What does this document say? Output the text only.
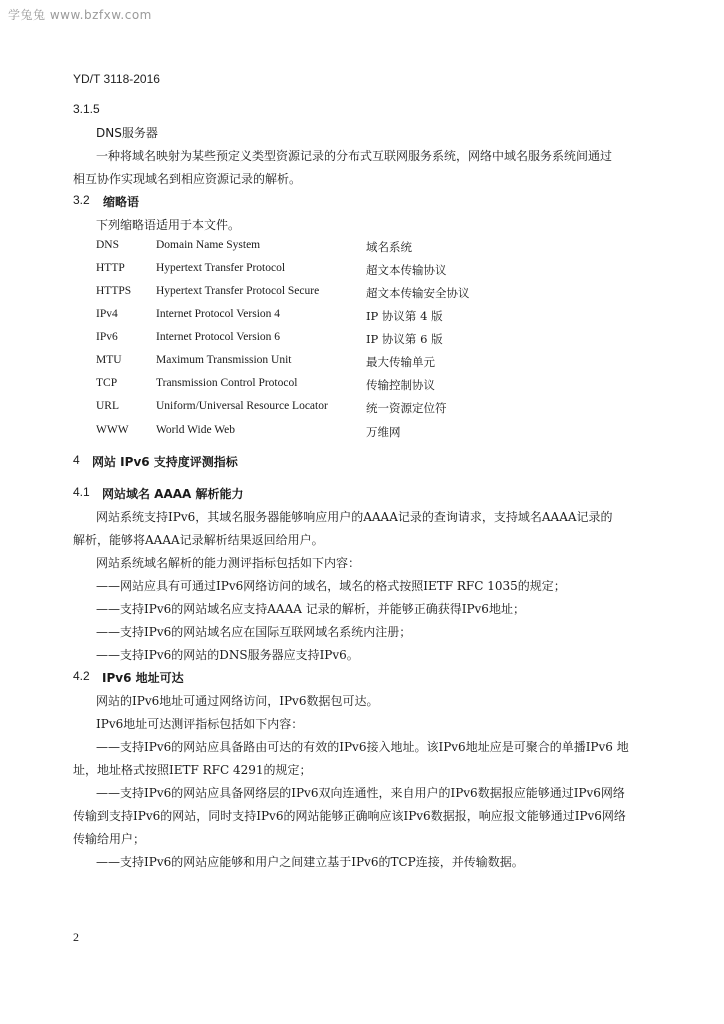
学兔兔 www.bzfxw.com
YD/T 3118-2016
3.1.5
DNS服务器
一种将域名映射为某些预定义类型资源记录的分布式互联网服务系统，网络中域名服务系统间通过
相互协作实现域名到相应资源记录的解析。
3.2 缩略语
下列缩略语适用于本文件。
DNS	Domain Name System	域名系统
HTTP	Hypertext Transfer Protocol	超文本传输协议
HTTPS Hypertext Transfer Protocol Secure	超文本传输安全协议
IPv4	Internet Protocol Version 4	IP 协议第 4 版
IPv6	Internet Protocol Version 6	IP 协议第 6 版
MTU	Maximum Transmission Unit	最大传输单元
TCP	Transmission Control Protocol	传输控制协议
URL	Uniform/Universal Resource Locator	统一资源定位符
WWW World Wide Web	万维网
4 网站 IPv6 支持度评测指标
4.1 网站域名 AAAA 解析能力
网站系统支持IPv6，其域名服务器能够响应用户的AAAA记录的查询请求，支持域名AAAA记录的
解析，能够将AAAA记录解析结果返回给用户。
网站系统域名解析的能力测评指标包括如下内容：
——网站应具有可通过IPv6网络访问的域名，域名的格式按照IETF RFC 1035的规定；
——支持IPv6的网站域名应支持AAAA 记录的解析，并能够正确获得IPv6地址；
——支持IPv6的网站域名应在国际互联网域名系统内注册；
——支持IPv6的网站的DNS服务器应支持IPv6。
4.2 IPv6 地址可达
网站的IPv6地址可通过网络访问，IPv6数据包可达。
IPv6地址可达测评指标包括如下内容：
——支持IPv6的网站应具备路由可达的有效的IPv6接入地址。该IPv6地址应是可聚合的单播IPv6 地
址，地址格式按照IETF RFC 4291的规定；
——支持IPv6的网站应具备网络层的IPv6双向连通性，来自用户的IPv6数据报应能够通过IPv6网络
传输到支持IPv6的网站，同时支持IPv6的网站能够正确响应该IPv6数据报，响应报文能够通过IPv6网络
传输给用户；
——支持IPv6的网站应能够和用户之间建立基于IPv6的TCP连接，并传输数据。
2
